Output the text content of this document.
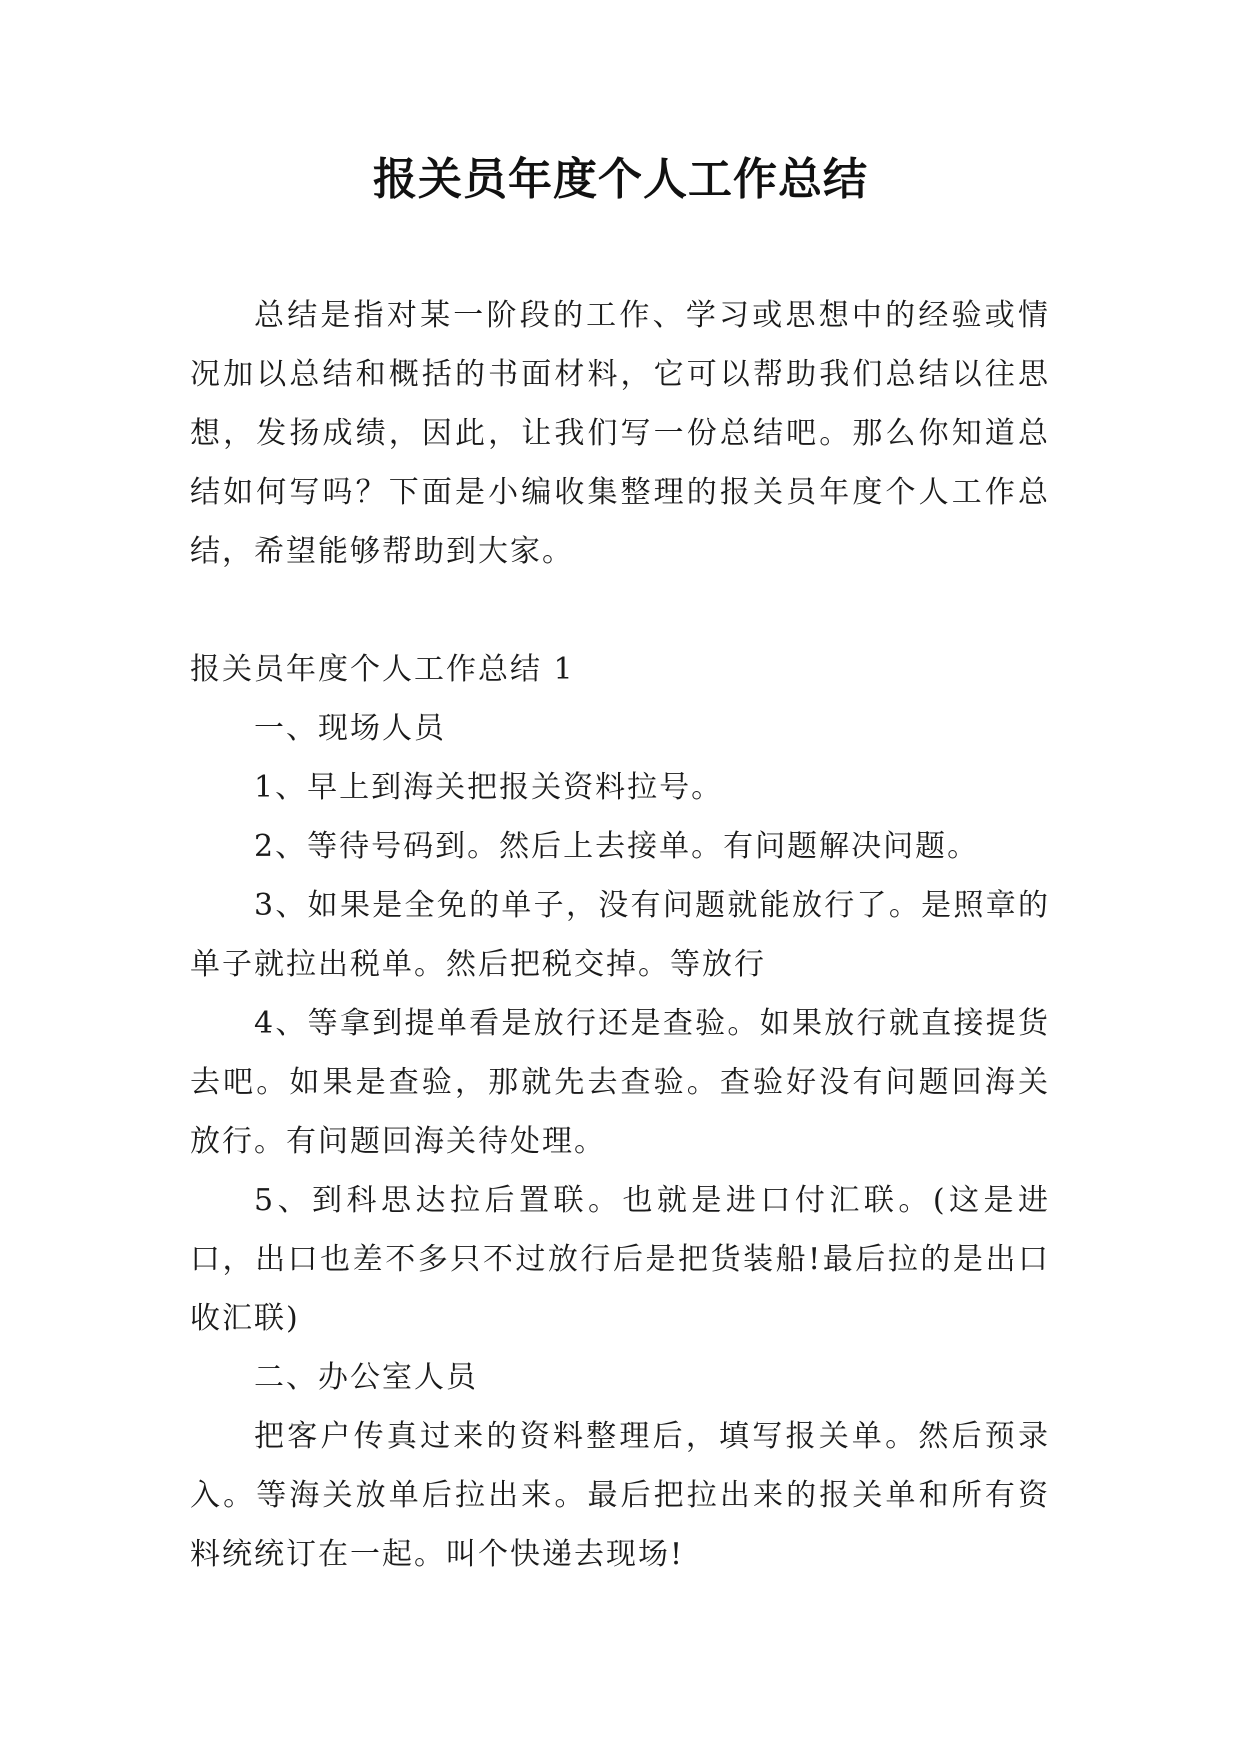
报关员年度个人工作总结

总结是指对某一阶段的工作、学习或思想中的经验或情况加以总结和概括的书面材料，它可以帮助我们总结以往思想，发扬成绩，因此，让我们写一份总结吧。那么你知道总结如何写吗？下面是小编收集整理的报关员年度个人工作总结，希望能够帮助到大家。

报关员年度个人工作总结 1

一、现场人员

1、早上到海关把报关资料拉号。

2、等待号码到。然后上去接单。有问题解决问题。

3、如果是全免的单子，没有问题就能放行了。是照章的单子就拉出税单。然后把税交掉。等放行

4、等拿到提单看是放行还是查验。如果放行就直接提货去吧。如果是查验，那就先去查验。查验好没有问题回海关放行。有问题回海关待处理。

5、到科思达拉后置联。也就是进口付汇联。(这是进口，出口也差不多只不过放行后是把货装船!最后拉的是出口收汇联)

二、办公室人员

把客户传真过来的资料整理后，填写报关单。然后预录入。等海关放单后拉出来。最后把拉出来的报关单和所有资料统统订在一起。叫个快递去现场!
